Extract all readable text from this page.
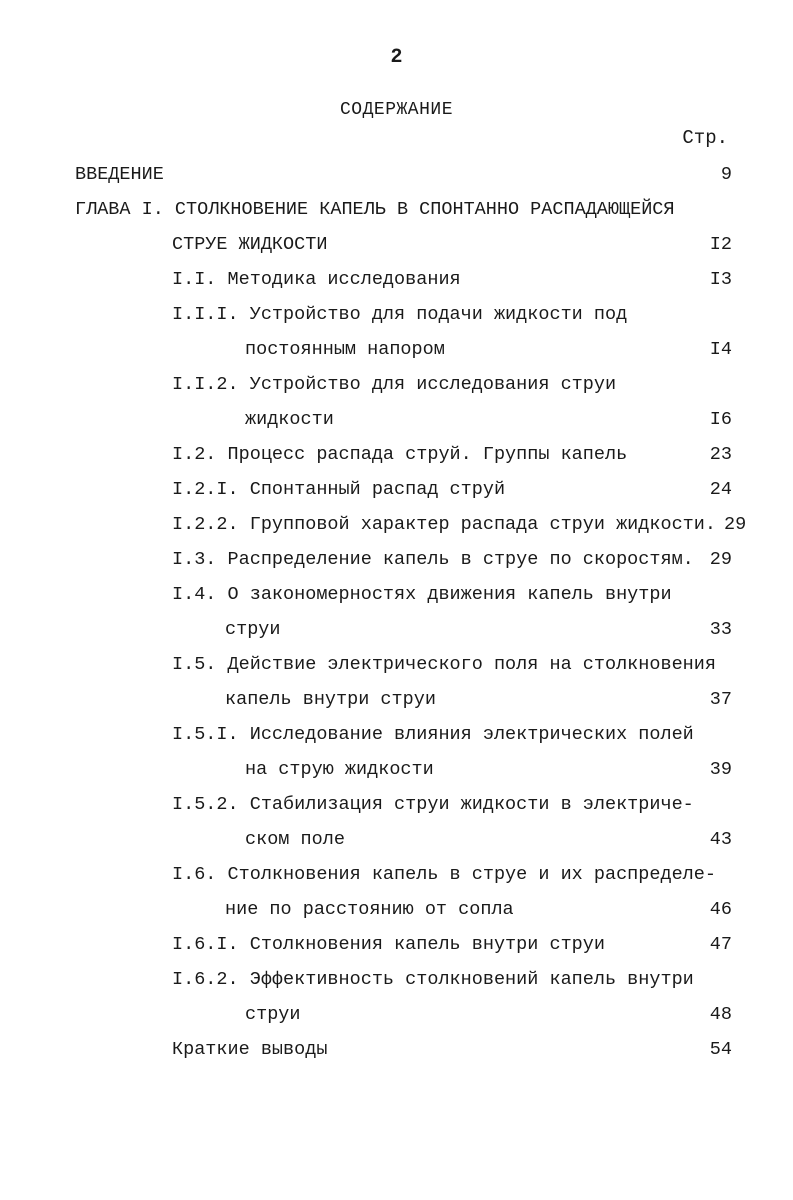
2
СОДЕРЖАНИЕ
Стр.
ВВЕДЕНИЕ	9
ГЛАВА I. СТОЛКНОВЕНИЕ КАПЕЛЬ В СПОНТАННО РАСПАДАЮЩЕЙСЯ
СТРУЕ ЖИДКОСТИ	I2
I.I. Методика исследования	I3
I.I.I. Устройство для подачи жидкости под
постоянным напором	I4
I.I.2. Устройство для исследования струи
жидкости	I6
I.2. Процесс распада струй. Группы капель	23
I.2.I. Спонтанный распад струй	24
I.2.2. Групповой характер распада струи жидкости. 29
I.3. Распределение капель в струе по скоростям. 29
I.4. О закономерностях движения капель внутри
струи	33
I.5. Действие электрического поля на столкновения
капель внутри струи	37
I.5.I. Исследование влияния электрических полей
на струю жидкости	39
I.5.2. Стабилизация струи жидкости в электриче-
ском поле	43
I.6. Столкновения капель в струе и их распределе-
ние по расстоянию от сопла	46
I.6.I. Столкновения капель внутри струи	47
I.6.2. Эффективность столкновений капель внутри
струи	48
Краткие выводы	54
